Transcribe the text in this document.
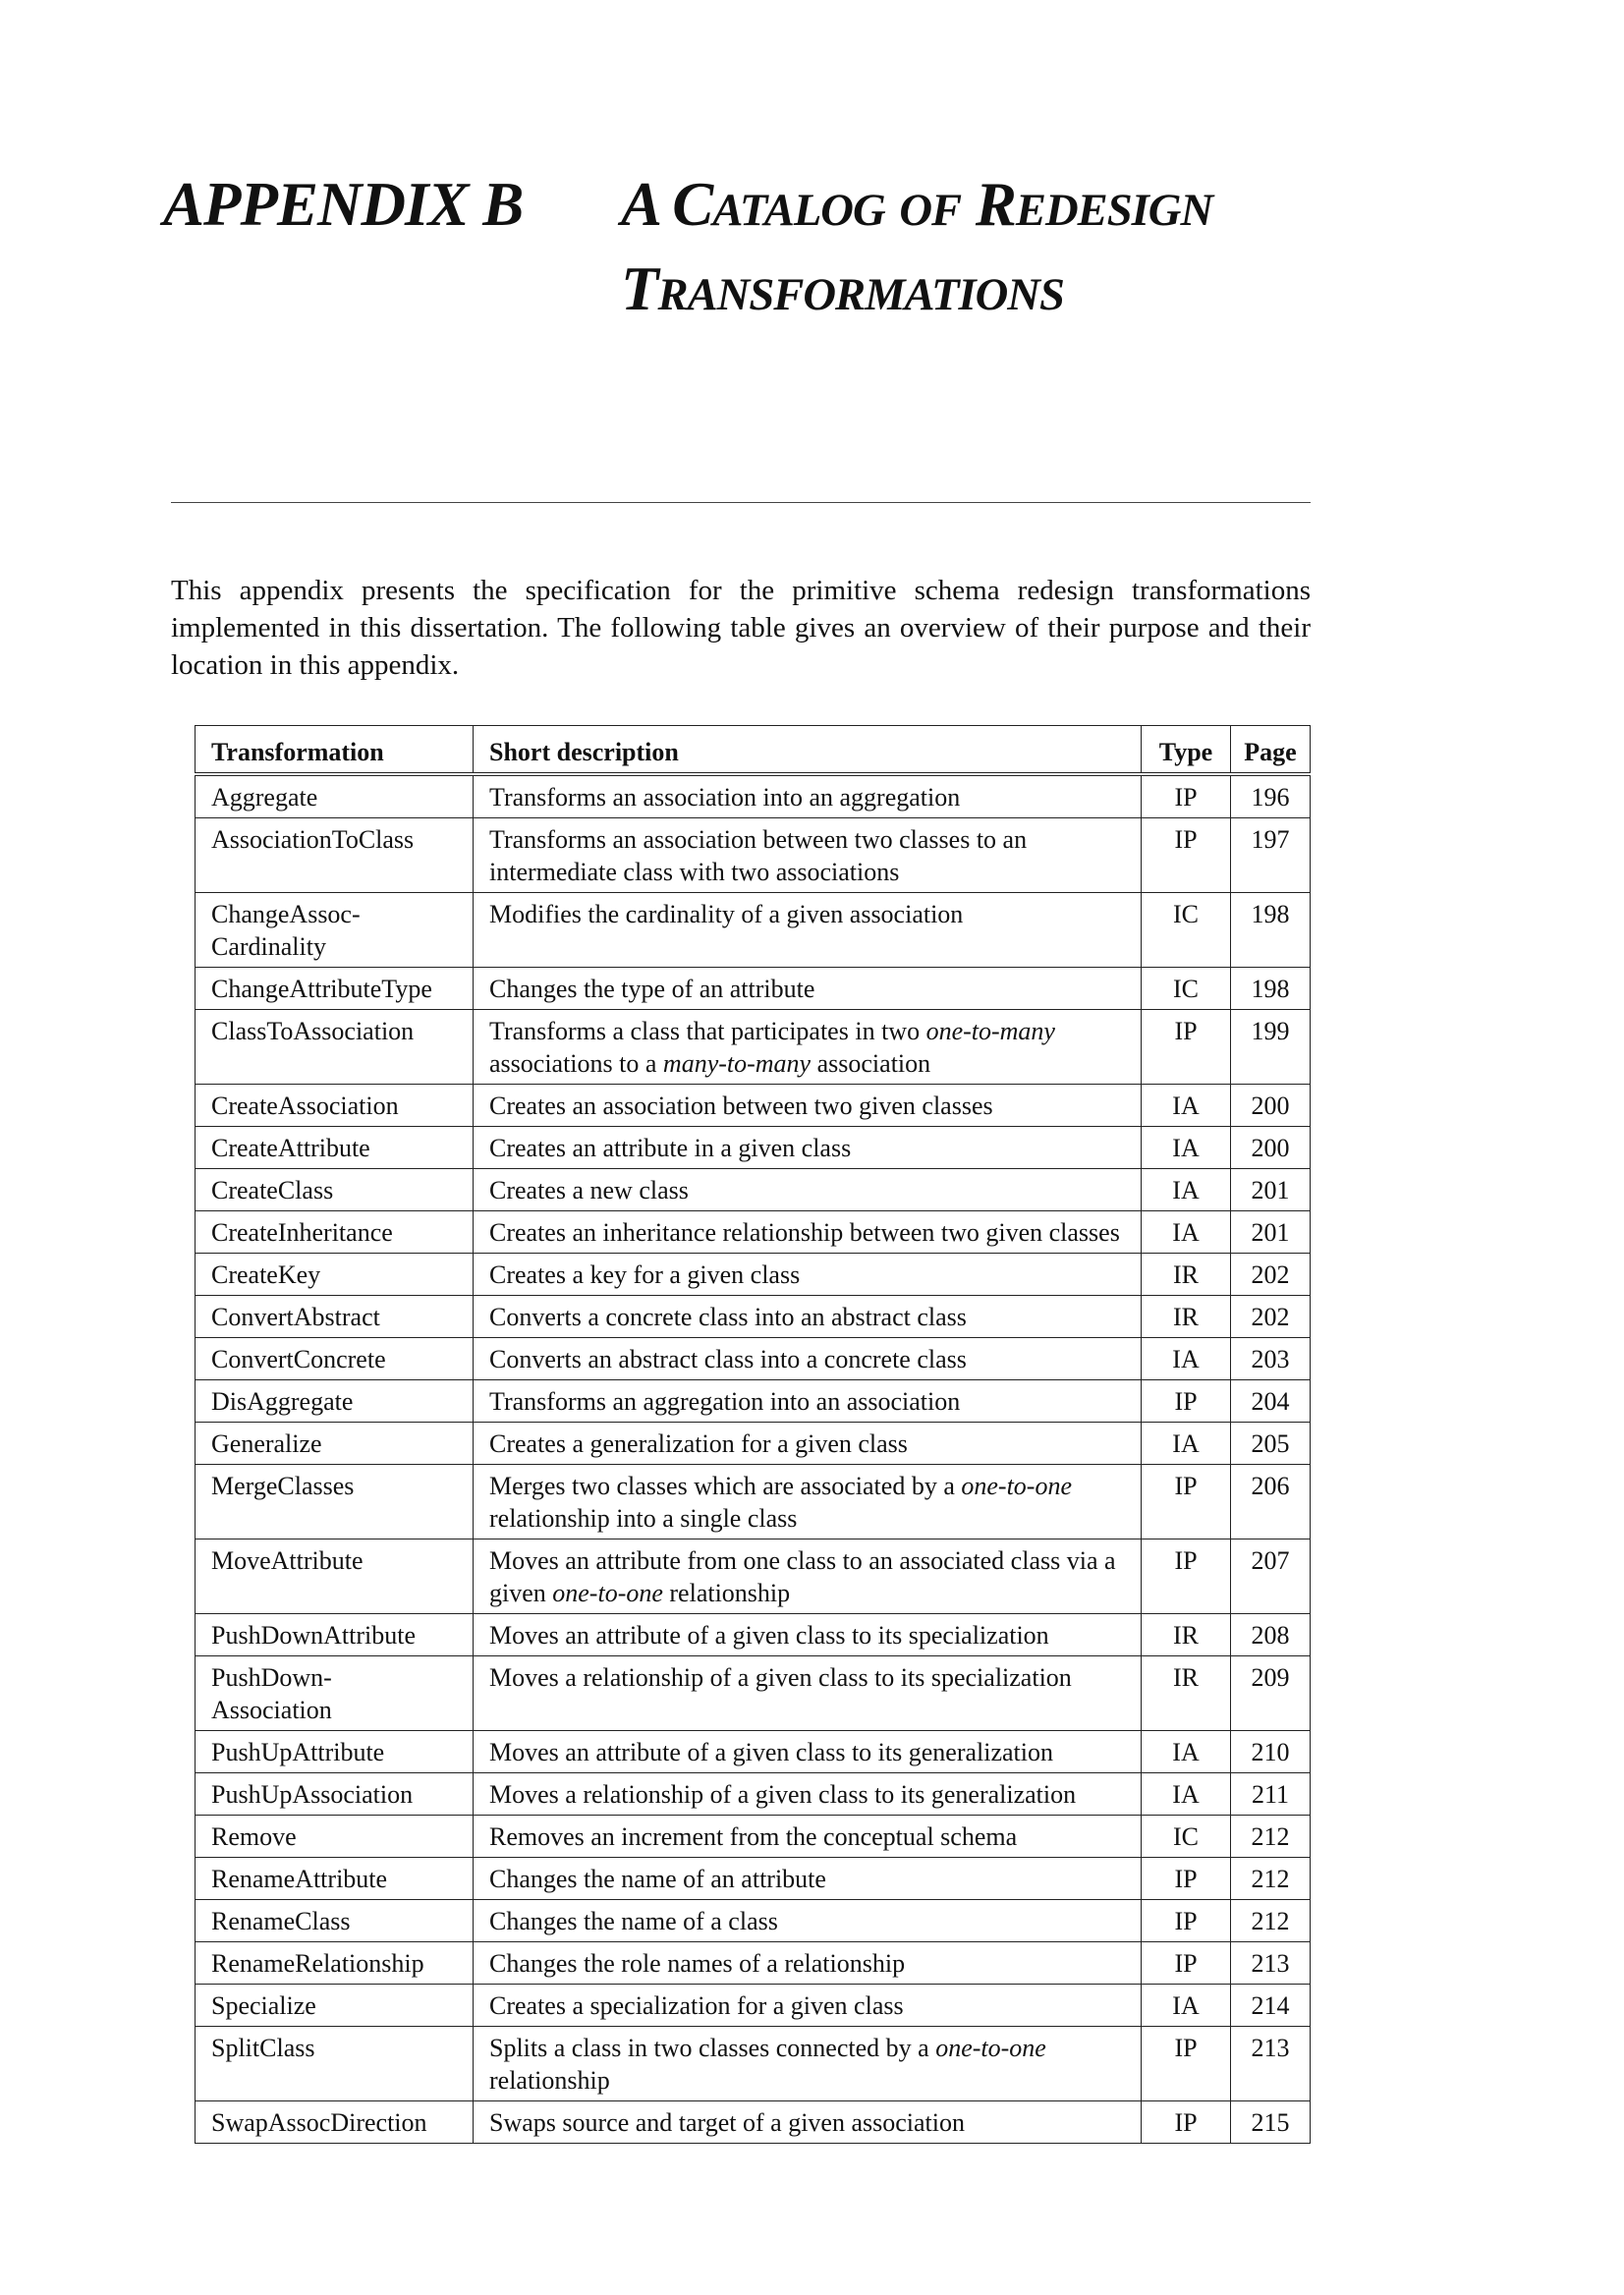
APPENDIX B A CATALOG OF REDESIGN
TRANSFORMATIONS

This appendix presents the specification for the primitive schema redesign transformations implemented in this dissertation. The following table gives an overview of their purpose and their location in this appendix.

Transformation	Short description	Type	Page

Aggregate	Transforms an association into an aggregation	IP	196

AssociationToClass	Transforms an association between two classes to an intermediate class with two associations	IP	197

ChangeAssoc-
Cardinality	Modifies the cardinality of a given association	IC	198

ChangeAttributeType	Changes the type of an attribute	IC	198

ClassToAssociation	Transforms a class that participates in two one-to-many associations to a many-to-many association	IP	199

CreateAssociation	Creates an association between two given classes	IA	200

CreateAttribute	Creates an attribute in a given class	IA	200

CreateClass	Creates a new class	IA	201

CreateInheritance	Creates an inheritance relationship between two given classes	IA	201

CreateKey	Creates a key for a given class	IR	202

ConvertAbstract	Converts a concrete class into an abstract class	IR	202

ConvertConcrete	Converts an abstract class into a concrete class	IA	203

DisAggregate	Transforms an aggregation into an association	IP	204

Generalize	Creates a generalization for a given class	IA	205

MergeClasses	Merges two classes which are associated by a one-to-one relationship into a single class	IP	206

MoveAttribute	Moves an attribute from one class to an associated class via a given one-to-one relationship	IP	207

PushDownAttribute	Moves an attribute of a given class to its specialization	IR	208

PushDown-
Association	Moves a relationship of a given class to its specialization	IR	209

PushUpAttribute	Moves an attribute of a given class to its generalization	IA	210

PushUpAssociation	Moves a relationship of a given class to its generalization	IA	211

Remove	Removes an increment from the conceptual schema	IC	212

RenameAttribute	Changes the name of an attribute	IP	212

RenameClass	Changes the name of a class	IP	212

RenameRelationship	Changes the role names of a relationship	IP	213

Specialize	Creates a specialization for a given class	IA	214

SplitClass	Splits a class in two classes connected by a one-to-one relationship	IP	213

SwapAssocDirection	Swaps source and target of a given association	IP	215
